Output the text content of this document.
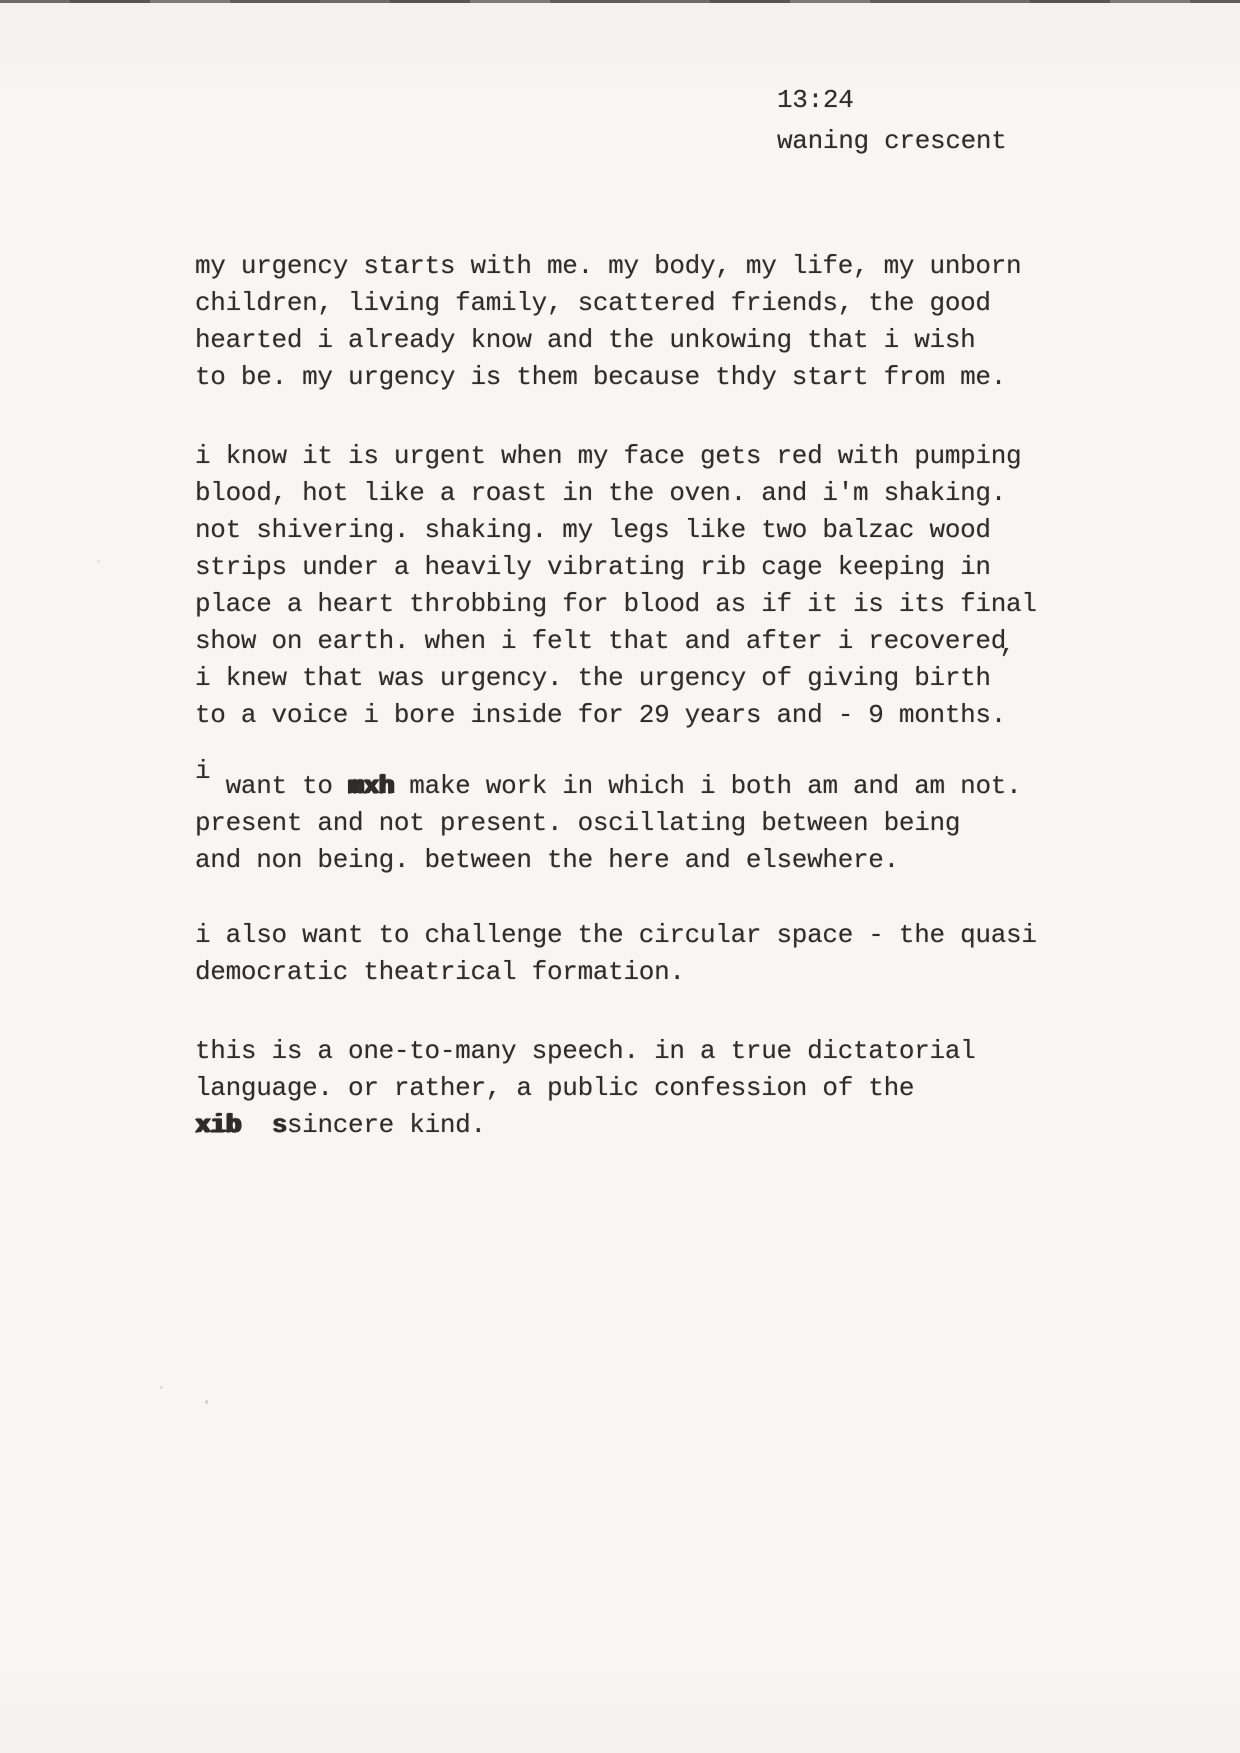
13:24
waning crescent
my urgency starts with me. my body, my life, my unborn
children, living family, scattered friends, the good
hearted i already know and the unkowing that i wish
to be. my urgency is them because thdy start from me.
i know it is urgent when my face gets red with pumping
blood, hot like a roast in the oven. and i'm shaking.
not shivering. shaking. my legs like two balzac wood
strips under a heavily vibrating rib cage keeping in
place a heart throbbing for blood as if it is its final
show on earth. when i felt that and after i recovered
i knew that was urgency. the urgency of giving birth’
to a voice i bore inside for 29 years and - 9 months.
i want to mxh make work in which i both am and am not.
present and not present. oscillating between being
and non being. between the here and elsewhere.
i also want to challenge the circular space - the quasi
democratic theatrical formation.
this is a one-to-many speech. in a true dictatorial
language. or rather, a public confession of the
xib ssincere kind.
